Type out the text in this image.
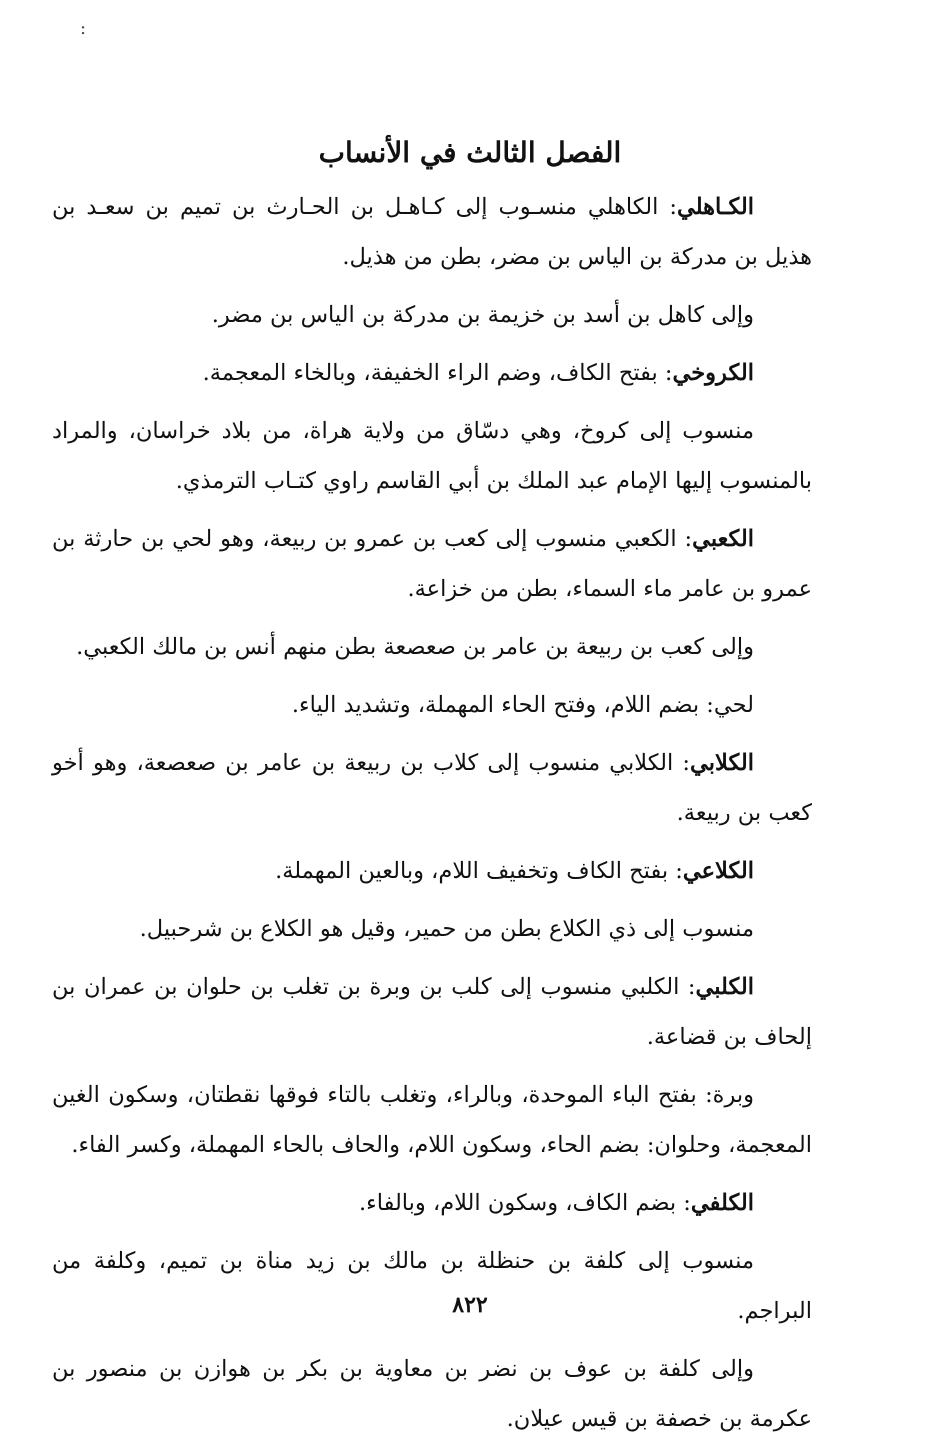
:
الفصل الثالث في الأنساب

الكـاهلي: الكاهلي منسـوب إلى كـاهـل بن الحـارث بن تميم بن سعـد بن هذيل بن مدركة بن الياس بن مضر، بطن من هذيل.

وإلى كاهل بن أسد بن خزيمة بن مدركة بن الياس بن مضر.

الكروخي: بفتح الكاف، وضم الراء الخفيفة، وبالخاء المعجمة.

منسوب إلى كروخ، وهي دسّاق من ولاية هراة، من بلاد خراسان، والمراد بالمنسوب إليها الإمام عبد الملك بن أبي القاسم راوي كتـاب الترمذي.

الكعبي: الكعبي منسوب إلى كعب بن عمرو بن ربيعة، وهو لحي بن حارثة بن عمرو بن عامر ماء السماء، بطن من خزاعة.

وإلى كعب بن ربيعة بن عامر بن صعصعة بطن منهم أنس بن مالك الكعبي.

لحي: بضم اللام، وفتح الحاء المهملة، وتشديد الياء.

الكلابي: الكلابي منسوب إلى كلاب بن ربيعة بن عامر بن صعصعة، وهو أخو كعب بن ربيعة.

الكلاعي: بفتح الكاف وتخفيف اللام، وبالعين المهملة.

منسوب إلى ذي الكلاع بطن من حمير، وقيل هو الكلاع بن شرحبيل.

الكلبي: الكلبي منسوب إلى كلب بن وبرة بن تغلب بن حلوان بن عمران بن إلحاف بن قضاعة.

وبرة: بفتح الباء الموحدة، وبالراء، وتغلب بالتاء فوقها نقطتان، وسكون الغين المعجمة، وحلوان: بضم الحاء، وسكون اللام، والحاف بالحاء المهملة، وكسر الفاء.

الكلفي: بضم الكاف، وسكون اللام، وبالفاء.

منسوب إلى كلفة بن حنظلة بن مالك بن زيد مناة بن تميم، وكلفة من البراجم.

وإلى كلفة بن عوف بن نضر بن معاوية بن بكر بن هوازن بن منصور بن عكرمة بن خصفة بن قيس عيلان.

٨٢٢
